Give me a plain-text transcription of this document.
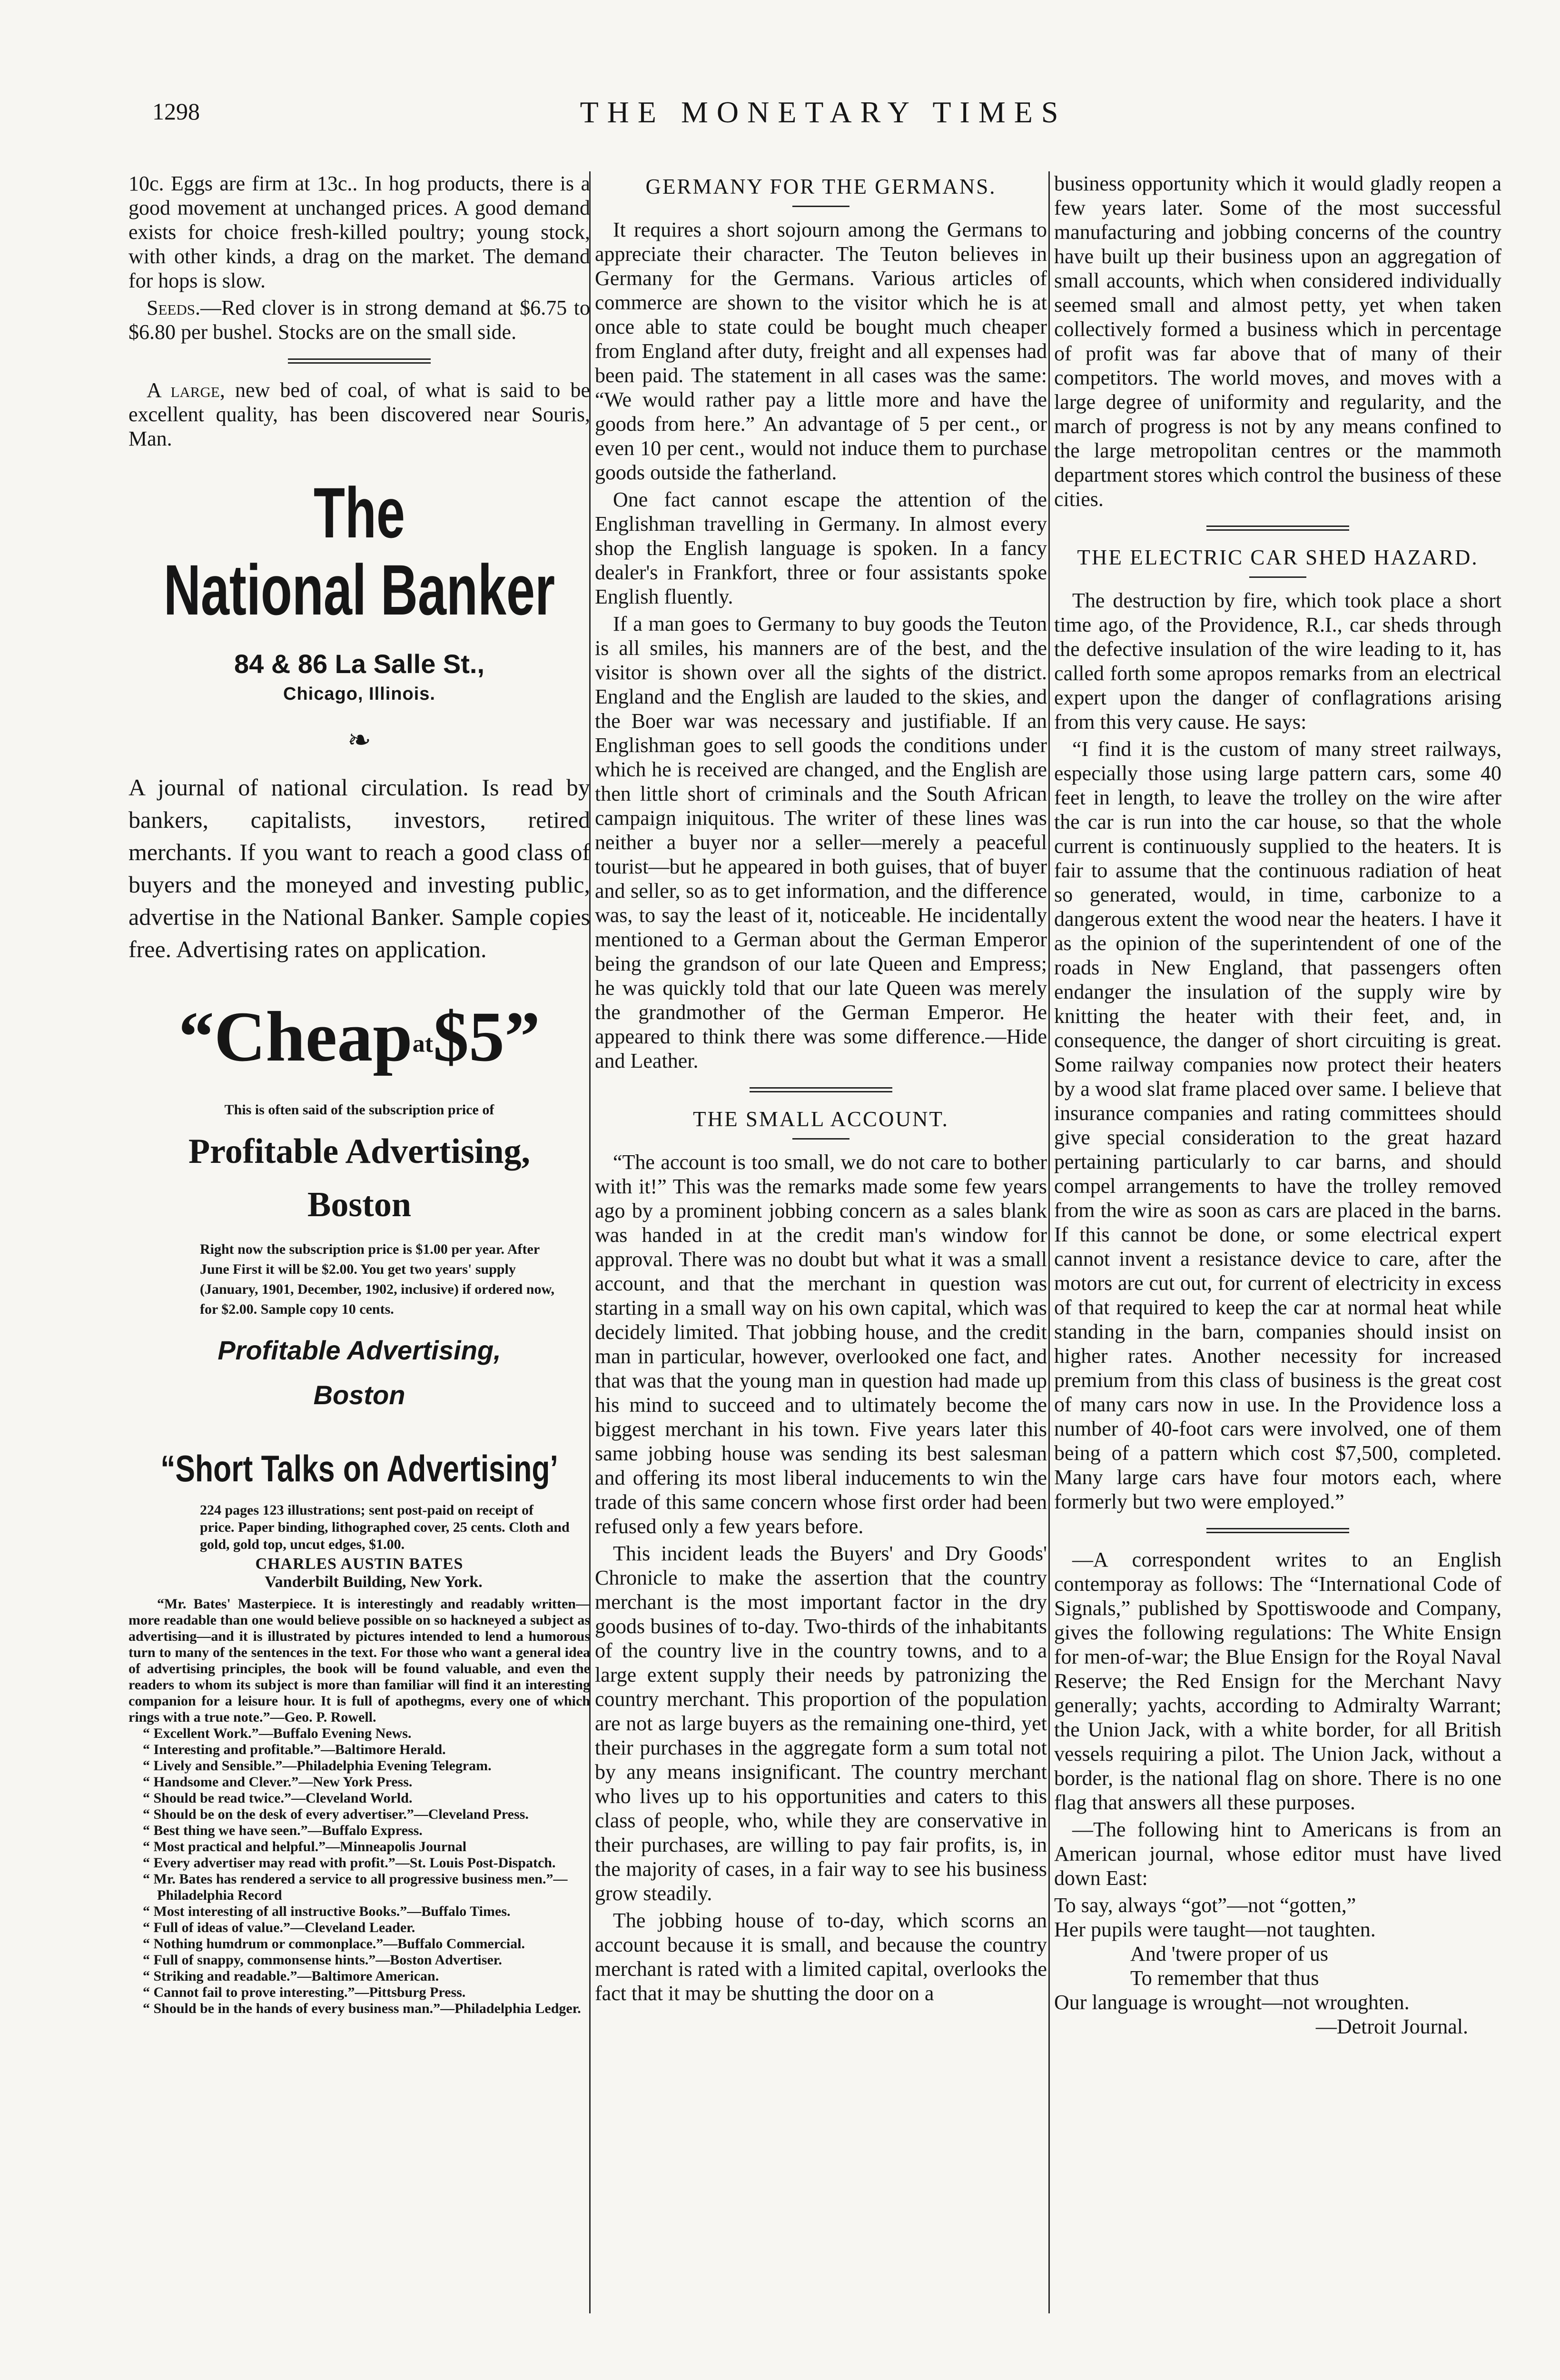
1298	THE MONETARY TIMES

10c. Eggs are firm at 13c.. In hog products, there is a good movement at unchanged prices. A good demand exists for choice fresh-killed poultry; young stock, with other kinds, a drag on the market. The demand for hops is slow.

Seeds.—Red clover is in strong demand at $6.75 to $6.80 per bushel. Stocks are on the small side.

A large, new bed of coal, of what is said to be excellent quality, has been discovered near Souris, Man.

The
National Banker
84 & 86 La Salle St.,
Chicago, Illinois.
❧
A journal of national circulation. Is read by bankers, capitalists, investors, retired merchants. If you want to reach a good class of buyers and the moneyed and investing public, advertise in the National Banker. Sample copies free. Advertising rates on application.
“Cheapat$5”
This is often said of the subscription price of
Profitable Advertising,
Boston
Right now the subscription price is $1.00 per year. After June First it will be $2.00. You get two years' supply (January, 1901, December, 1902, inclusive) if ordered now, for $2.00. Sample copy 10 cents.
Profitable Advertising,
Boston
“Short Talks on Advertising’
224 pages 123 illustrations; sent post-paid on receipt of price. Paper binding, lithographed cover, 25 cents. Cloth and gold, gold top, uncut edges, $1.00.
CHARLES AUSTIN BATES
Vanderbilt Building, New York.

“Mr. Bates' Masterpiece. It is interestingly and readably written—more readable than one would believe possible on so hackneyed a subject as advertising—and it is illustrated by pictures intended to lend a humorous turn to many of the sentences in the text. For those who want a general idea of advertising principles, the book will be found valuable, and even the readers to whom its subject is more than familiar will find it an interesting companion for a leisure hour. It is full of apothegms, every one of which rings with a true note.”—Geo. P. Rowell.

“ Excellent Work.”—Buffalo Evening News.

“ Interesting and profitable.”—Baltimore Herald.

“ Lively and Sensible.”—Philadelphia Evening Telegram.

“ Handsome and Clever.”—New York Press.

“ Should be read twice.”—Cleveland World.

“ Should be on the desk of every advertiser.”—Cleveland Press.

“ Best thing we have seen.”—Buffalo Express.

“ Most practical and helpful.”—Minneapolis Journal

“ Every advertiser may read with profit.”—St. Louis Post-Dispatch.

“ Mr. Bates has rendered a service to all progressive business men.”—Philadelphia Record

“ Most interesting of all instructive Books.”—Buffalo Times.

“ Full of ideas of value.”—Cleveland Leader.

“ Nothing humdrum or commonplace.”—Buffalo Commercial.

“ Full of snappy, commonsense hints.”—Boston Advertiser.

“ Striking and readable.”—Baltimore American.

“ Cannot fail to prove interesting.”—Pittsburg Press.

“ Should be in the hands of every business man.”—Philadelphia Ledger.

GERMANY FOR THE GERMANS.

It requires a short sojourn among the Germans to appreciate their character. The Teuton believes in Germany for the Germans. Various articles of commerce are shown to the visitor which he is at once able to state could be bought much cheaper from England after duty, freight and all expenses had been paid. The statement in all cases was the same: “We would rather pay a little more and have the goods from here.” An advantage of 5 per cent., or even 10 per cent., would not induce them to purchase goods outside the fatherland.

One fact cannot escape the attention of the Englishman travelling in Germany. In almost every shop the English language is spoken. In a fancy dealer's in Frankfort, three or four assistants spoke English fluently.

If a man goes to Germany to buy goods the Teuton is all smiles, his manners are of the best, and the visitor is shown over all the sights of the district. England and the English are lauded to the skies, and the Boer war was necessary and justifiable. If an Englishman goes to sell goods the conditions under which he is received are changed, and the English are then little short of criminals and the South African campaign iniquitous. The writer of these lines was neither a buyer nor a seller—merely a peaceful tourist—but he appeared in both guises, that of buyer and seller, so as to get information, and the difference was, to say the least of it, noticeable. He incidentally mentioned to a German about the German Emperor being the grandson of our late Queen and Empress; he was quickly told that our late Queen was merely the grandmother of the German Emperor. He appeared to think there was some difference.—Hide and Leather.

THE SMALL ACCOUNT.

“The account is too small, we do not care to bother with it!” This was the remarks made some few years ago by a prominent jobbing concern as a sales blank was handed in at the credit man's window for approval. There was no doubt but what it was a small account, and that the merchant in question was starting in a small way on his own capital, which was decidely limited. That jobbing house, and the credit man in particular, however, overlooked one fact, and that was that the young man in question had made up his mind to succeed and to ultimately become the biggest merchant in his town. Five years later this same jobbing house was sending its best salesman and offering its most liberal inducements to win the trade of this same concern whose first order had been refused only a few years before.

This incident leads the Buyers' and Dry Goods' Chronicle to make the assertion that the country merchant is the most important factor in the dry goods busines of to-day. Two-thirds of the inhabitants of the country live in the country towns, and to a large extent supply their needs by patronizing the country merchant. This proportion of the population are not as large buyers as the remaining one-third, yet their purchases in the aggregate form a sum total not by any means insignificant. The country merchant who lives up to his opportunities and caters to this class of people, who, while they are conservative in their purchases, are willing to pay fair profits, is, in the majority of cases, in a fair way to see his business grow steadily.

The jobbing house of to-day, which scorns an account because it is small, and because the country merchant is rated with a limited capital, overlooks the fact that it may be shutting the door on a

business opportunity which it would gladly reopen a few years later. Some of the most successful manufacturing and jobbing concerns of the country have built up their business upon an aggregation of small accounts, which when considered individually seemed small and almost petty, yet when taken collectively formed a business which in percentage of profit was far above that of many of their competitors. The world moves, and moves with a large degree of uniformity and regularity, and the march of progress is not by any means confined to the large metropolitan centres or the mammoth department stores which control the business of these cities.

THE ELECTRIC CAR SHED HAZARD.

The destruction by fire, which took place a short time ago, of the Providence, R.I., car sheds through the defective insulation of the wire leading to it, has called forth some apropos remarks from an electrical expert upon the danger of conflagrations arising from this very cause. He says:

“I find it is the custom of many street railways, especially those using large pattern cars, some 40 feet in length, to leave the trolley on the wire after the car is run into the car house, so that the whole current is continuously supplied to the heaters. It is fair to assume that the continuous radiation of heat so generated, would, in time, carbonize to a dangerous extent the wood near the heaters. I have it as the opinion of the superintendent of one of the roads in New England, that passengers often endanger the insulation of the supply wire by knitting the heater with their feet, and, in consequence, the danger of short circuiting is great. Some railway companies now protect their heaters by a wood slat frame placed over same. I believe that insurance companies and rating committees should give special consideration to the great hazard pertaining particularly to car barns, and should compel arrangements to have the trolley removed from the wire as soon as cars are placed in the barns. If this cannot be done, or some electrical expert cannot invent a resistance device to care, after the motors are cut out, for current of electricity in excess of that required to keep the car at normal heat while standing in the barn, companies should insist on higher rates. Another necessity for increased premium from this class of business is the great cost of many cars now in use. In the Providence loss a number of 40-foot cars were involved, one of them being of a pattern which cost $7,500, completed. Many large cars have four motors each, where formerly but two were employed.”

—A correspondent writes to an English contemporay as follows: The “International Code of Signals,” published by Spottiswoode and Company, gives the following regulations: The White Ensign for men-of-war; the Blue Ensign for the Royal Naval Reserve; the Red Ensign for the Merchant Navy generally; yachts, according to Admiralty Warrant; the Union Jack, with a white border, for all British vessels requiring a pilot. The Union Jack, without a border, is the national flag on shore. There is no one flag that answers all these purposes.

—The following hint to Americans is from an American journal, whose editor must have lived down East:

To say, always “got”—not “gotten,”
Her pupils were taught—not taughten.
And 'twere proper of us
To remember that thus
Our language is wrought—not wroughten.
—Detroit Journal.
